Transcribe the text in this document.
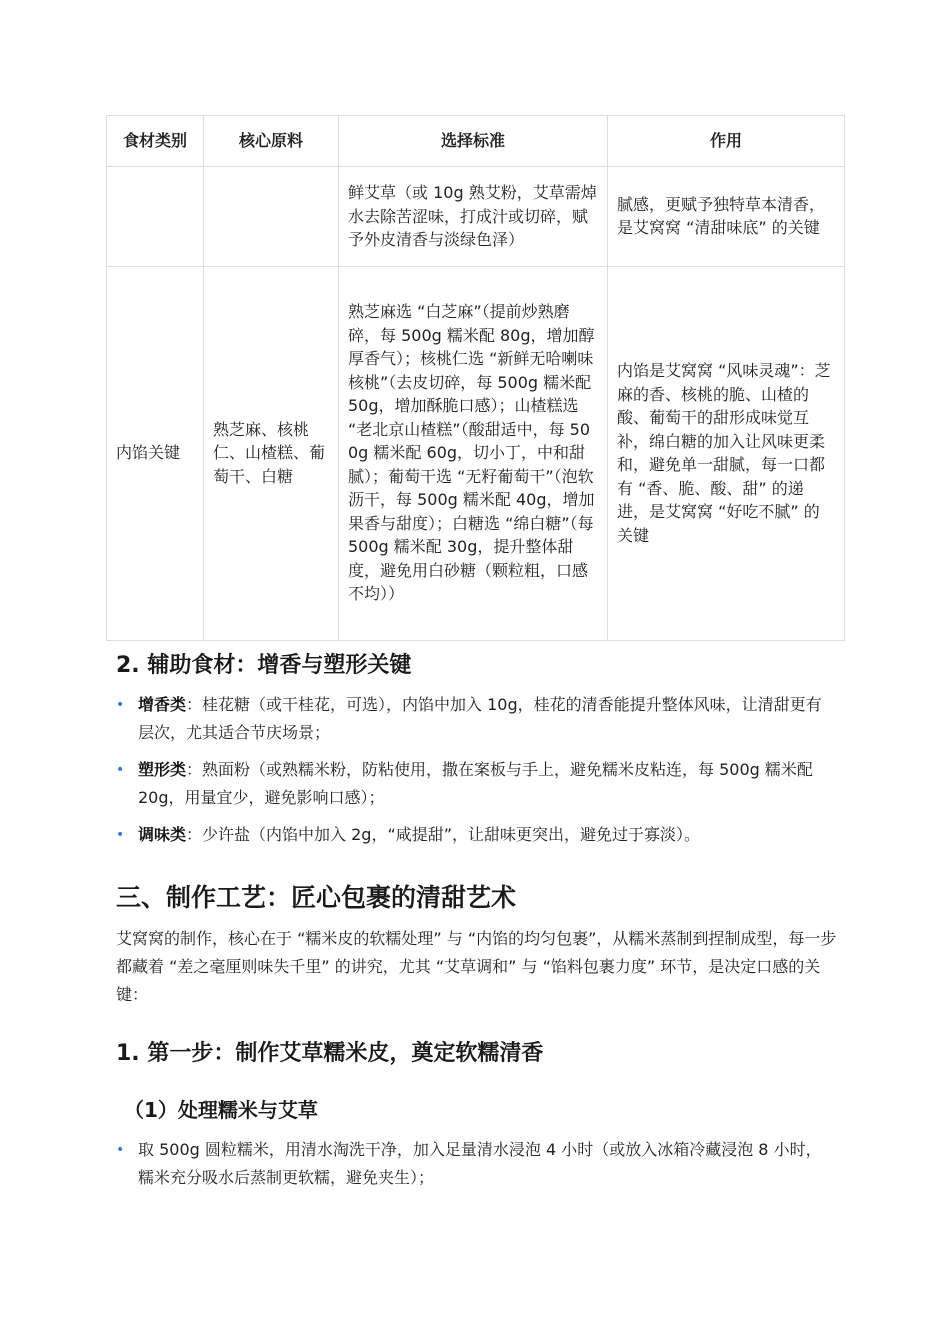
食材类别	核心原料	选择标准	作用
		鲜艾草（或 10g 熟艾粉，艾草需焯水去除苦涩味，打成汁或切碎，赋予外皮清香与淡绿色泽）	腻感，更赋予独特草本清香，是艾窝窝 “清甜味底” 的关键
内馅关键	熟芝麻、核桃仁、山楂糕、葡萄干、白糖	熟芝麻选 “白芝麻”（提前炒熟磨碎，每 500g 糯米配 80g，增加醇厚香气）；核桃仁选 “新鲜无哈喇味核桃”（去皮切碎，每 500g 糯米配 50g，增加酥脆口感）；山楂糕选 “老北京山楂糕”（酸甜适中，每 500g 糯米配 60g，切小丁，中和甜腻）；葡萄干选 “无籽葡萄干”（泡软沥干，每 500g 糯米配 40g，增加果香与甜度）；白糖选 “绵白糖”（每 500g 糯米配 30g，提升整体甜度，避免用白砂糖（颗粒粗，口感不均））	内馅是艾窝窝 “风味灵魂”：芝麻的香、核桃的脆、山楂的酸、葡萄干的甜形成味觉互补，绵白糖的加入让风味更柔和，避免单一甜腻，每一口都有 “香、脆、酸、甜” 的递进，是艾窝窝 “好吃不腻” 的关键
2. 辅助食材：增香与塑形关键
• 增香类：桂花糖（或干桂花，可选），内馅中加入 10g，桂花的清香能提升整体风味，让清甜更有层次，尤其适合节庆场景；
• 塑形类：熟面粉（或熟糯米粉，防粘使用，撒在案板与手上，避免糯米皮粘连，每 500g 糯米配 20g，用量宜少，避免影响口感）；
• 调味类：少许盐（内馅中加入 2g，“咸提甜”，让甜味更突出，避免过于寡淡）。
三、制作工艺：匠心包裹的清甜艺术
艾窝窝的制作，核心在于 “糯米皮的软糯处理” 与 “内馅的均匀包裹”，从糯米蒸制到捏制成型，每一步都藏着 “差之毫厘则味失千里” 的讲究，尤其 “艾草调和” 与 “馅料包裹力度” 环节，是决定口感的关键：
1. 第一步：制作艾草糯米皮，奠定软糯清香
（1）处理糯米与艾草
• 取 500g 圆粒糯米，用清水淘洗干净，加入足量清水浸泡 4 小时（或放入冰箱冷藏浸泡 8 小时，糯米充分吸水后蒸制更软糯，避免夹生）；
